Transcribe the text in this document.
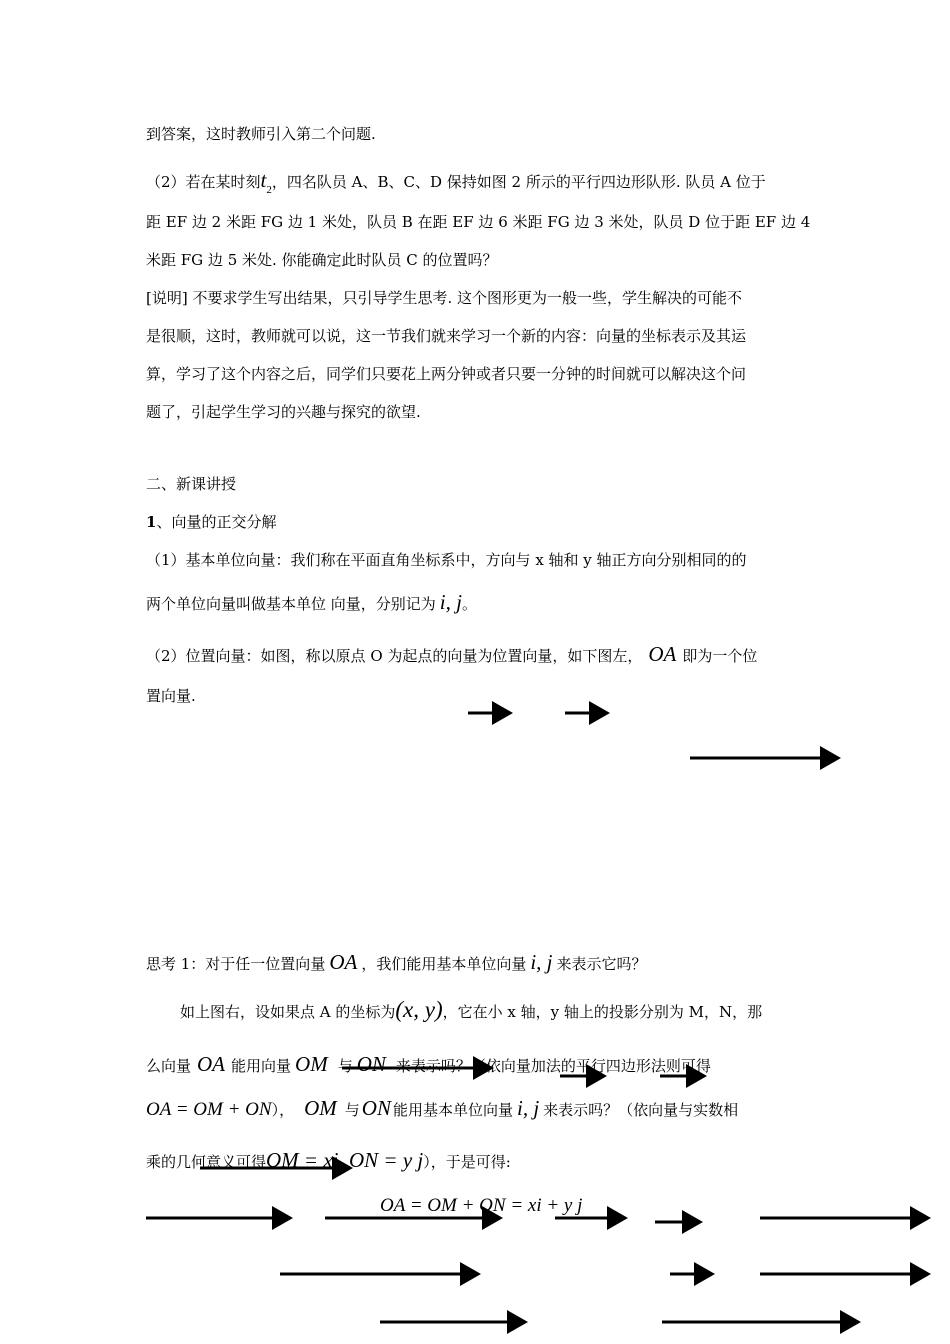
到答案，这时教师引入第二个问题.
（2）若在某时刻$t_2$，四名队员 A、B、C、D 保持如图 2 所示的平行四边形队形. 队员 A 位于
距 EF 边 2 米距 FG 边 1 米处，队员 B 在距 EF 边 6 米距 FG 边 3 米处，队员 D 位于距 EF 边 4
米距 FG 边 5 米处. 你能确定此时队员 C 的位置吗？
[说明] 不要求学生写出结果，只引导学生思考. 这个图形更为一般一些，学生解决的可能不
是很顺，这时，教师就可以说，这一节我们就来学习一个新的内容：向量的坐标表示及其运
算，学习了这个内容之后，同学们只要花上两分钟或者只要一分钟的时间就可以解决这个问
题了，引起学生学习的兴趣与探究的欲望.
二、新课讲授
1、向量的正交分解
（1）基本单位向量：我们称在平面直角坐标系中，方向与 x 轴和 y 轴正方向分别相同的的
两个单位向量叫做基本单位 向量，分别记为 i, j。
（2）位置向量：如图，称以原点 O 为起点的向量为位置向量，如下图左， OA 即为一个位
置向量.
思考 1：对于任一位置向量 OA ，我们能用基本单位向量 i, j 来表示它吗？
如上图右，设如果点 A 的坐标为(x, y)，它在小 x 轴，y 轴上的投影分别为 M，N，那
么向量 OA 能用向量 OM 与 ON 来表示吗？（依向量加法的平行四边形法则可得
OA = OM + ON）， OM 与ON 能用基本单位向量 i, j 来表示吗？（依向量与实数相
乘的几何意义可得OM = xi, ON = y j），于是可得:
OA = OM + ON = xi + y j
